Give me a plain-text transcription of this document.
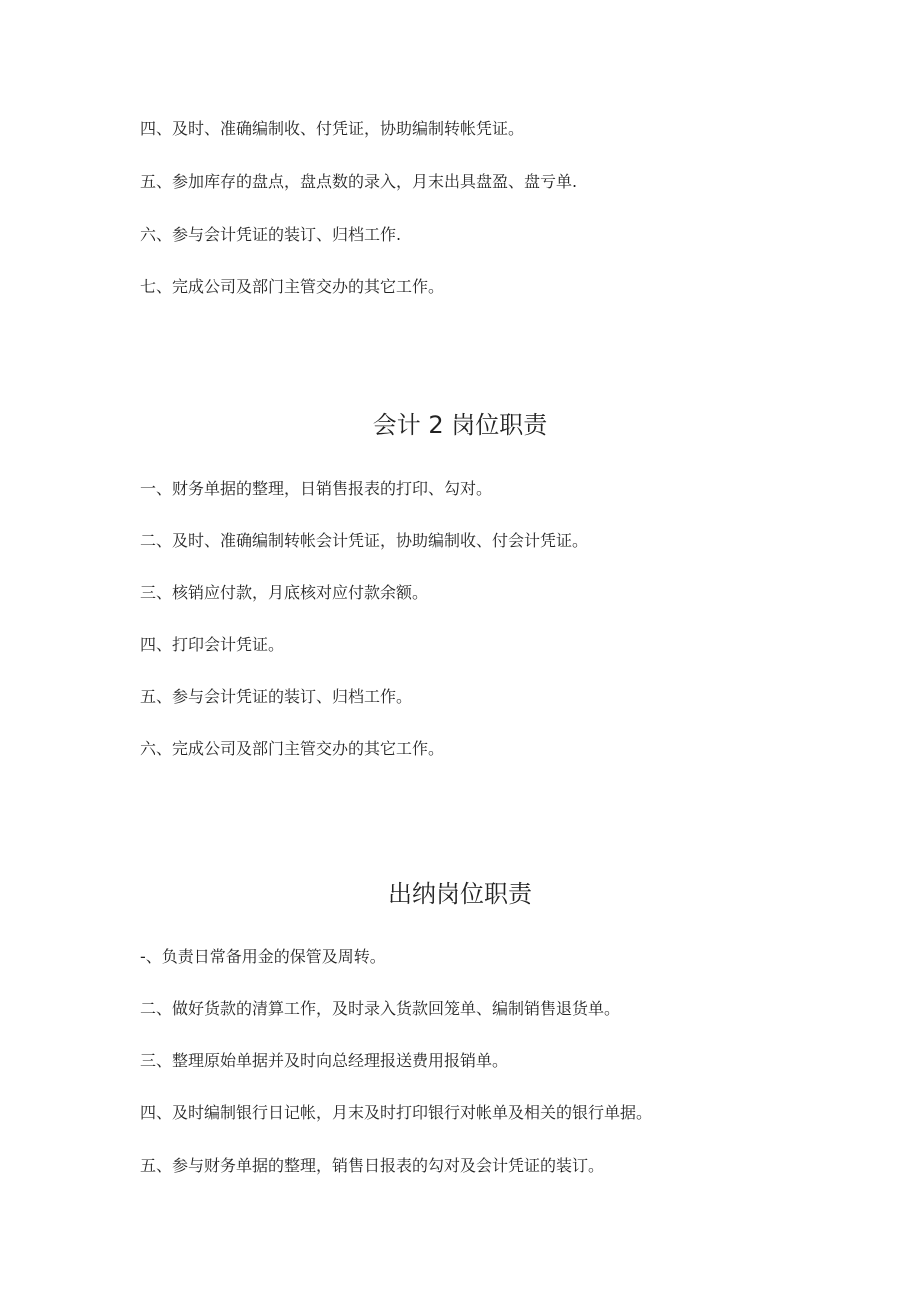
四、及时、准确编制收、付凭证，协助编制转帐凭证。

五、参加库存的盘点，盘点数的录入，月末出具盘盈、盘亏单.

六、参与会计凭证的装订、归档工作.

七、完成公司及部门主管交办的其它工作。

会计 2 岗位职责

一、财务单据的整理，日销售报表的打印、勾对。

二、及时、准确编制转帐会计凭证，协助编制收、付会计凭证。

三、核销应付款，月底核对应付款余额。

四、打印会计凭证。

五、参与会计凭证的装订、归档工作。

六、完成公司及部门主管交办的其它工作。

出纳岗位职责

-、负责日常备用金的保管及周转。

二、做好货款的清算工作，及时录入货款回笼单、编制销售退货单。

三、整理原始单据并及时向总经理报送费用报销单。

四、及时编制银行日记帐，月末及时打印银行对帐单及相关的银行单据。

五、参与财务单据的整理，销售日报表的勾对及会计凭证的装订。
